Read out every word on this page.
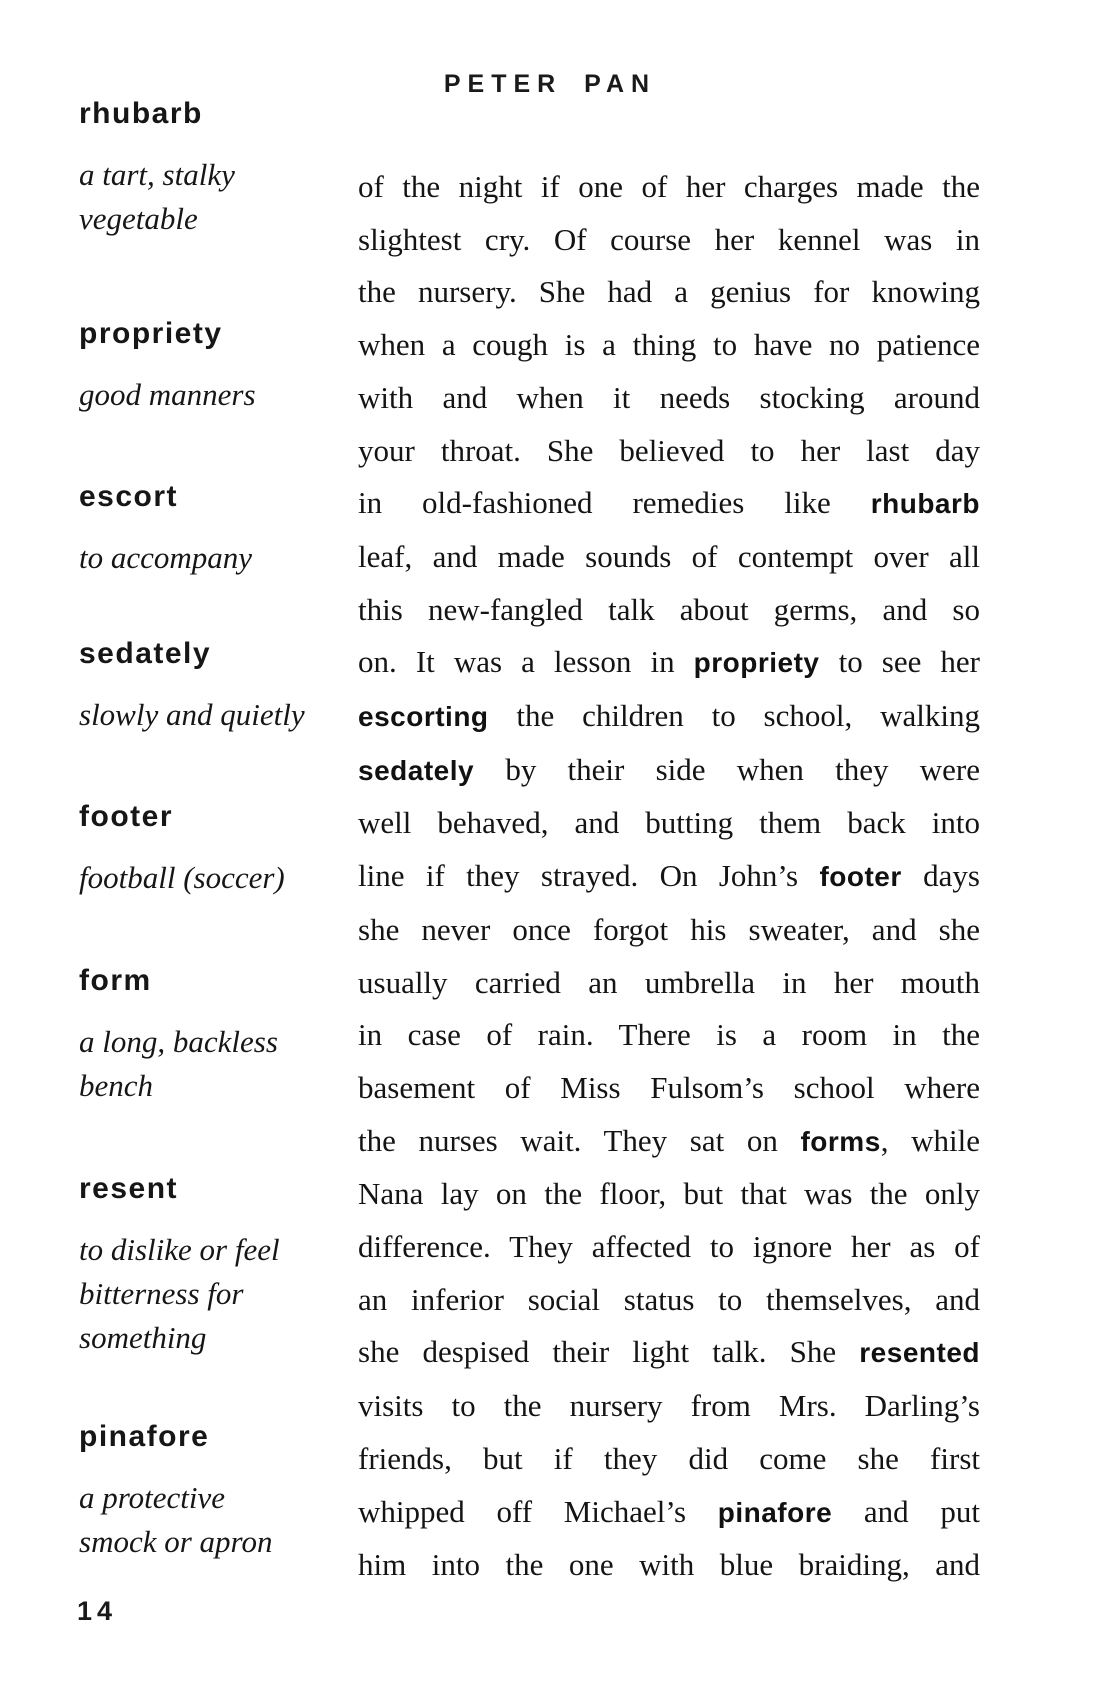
PETER PAN
rhubarb
a tart, stalky
vegetable
propriety
good manners
escort
to accompany
sedately
slowly and quietly
footer
football (soccer)
form
a long, backless
bench
resent
to dislike or feel
bitterness for
something
pinafore
a protective
smock or apron
of the night if one of her charges made the
slightest cry. Of course her kennel was in
the nursery. She had a genius for knowing
when a cough is a thing to have no patience
with and when it needs stocking around
your throat. She believed to her last day
in old-fashioned remedies like rhubarb
leaf, and made sounds of contempt over all
this new-fangled talk about germs, and so
on. It was a lesson in propriety to see her
escorting the children to school, walking
sedately by their side when they were
well behaved, and butting them back into
line if they strayed. On John’s footer days
she never once forgot his sweater, and she
usually carried an umbrella in her mouth
in case of rain. There is a room in the
basement of Miss Fulsom’s school where
the nurses wait. They sat on forms, while
Nana lay on the floor, but that was the only
difference. They affected to ignore her as of
an inferior social status to themselves, and
she despised their light talk. She resented
visits to the nursery from Mrs. Darling’s
friends, but if they did come she first
whipped off Michael’s pinafore and put
him into the one with blue braiding, and
14
